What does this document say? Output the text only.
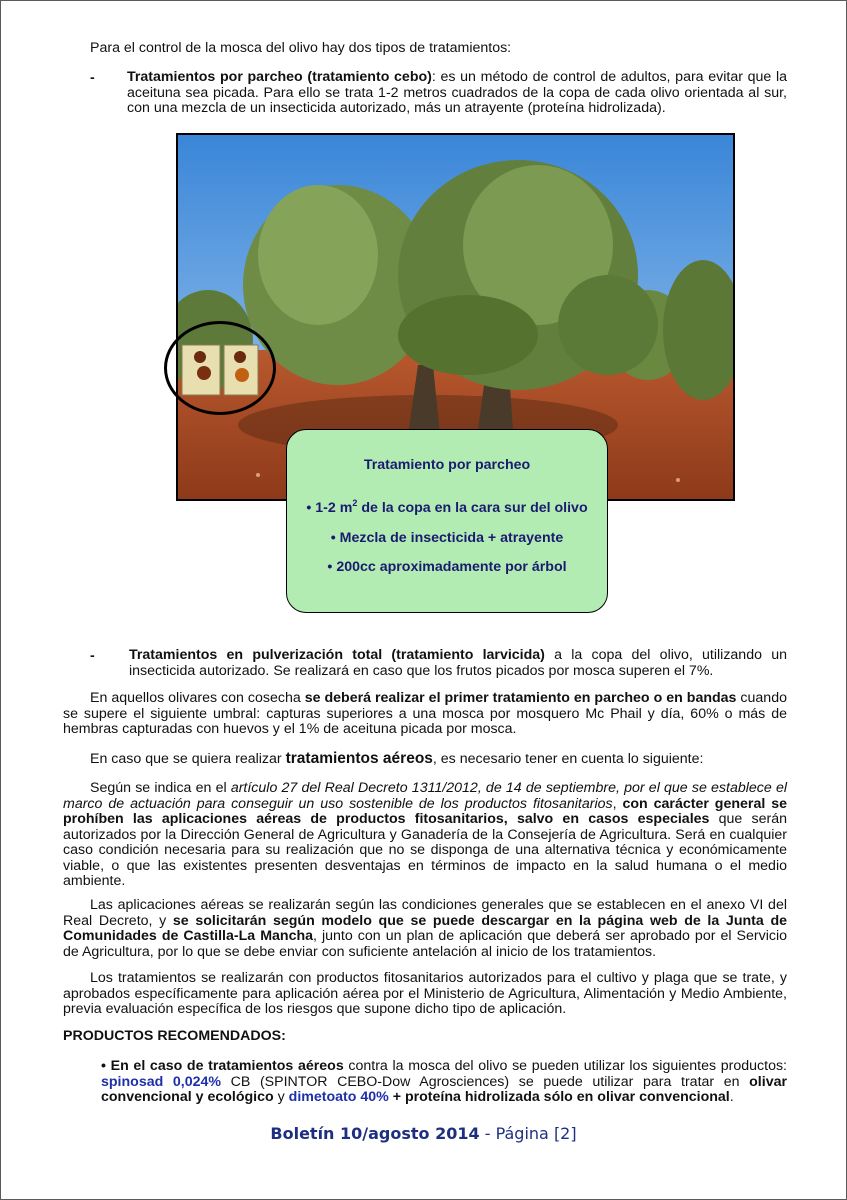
Para el control de la mosca del olivo hay dos tipos de tratamientos:
- Tratamientos por parcheo (tratamiento cebo): es un método de control de adultos, para evitar que la aceituna sea picada. Para ello se trata 1-2 metros cuadrados de la copa de cada olivo orientada al sur, con una mezcla de un insecticida autorizado, más un atrayente (proteína hidrolizada).
Tratamiento por parcheo
• 1-2 $m^2$ de la copa en la cara sur del olivo
• Mezcla de insecticida + atrayente
• 200cc aproximadamente por árbol
- Tratamientos en pulverización total (tratamiento larvicida) a la copa del olivo, utilizando un insecticida autorizado. Se realizará en caso que los frutos picados por mosca superen el 7%.
En aquellos olivares con cosecha se deberá realizar el primer tratamiento en parcheo o en bandas cuando se supere el siguiente umbral: capturas superiores a una mosca por mosquero Mc Phail y día, 60% o más de hembras capturadas con huevos y el 1% de aceituna picada por mosca.
En caso que se quiera realizar tratamientos aéreos, es necesario tener en cuenta lo siguiente:
Según se indica en el artículo 27 del Real Decreto 1311/2012, de 14 de septiembre, por el que se establece el marco de actuación para conseguir un uso sostenible de los productos fitosanitarios, con carácter general se prohíben las aplicaciones aéreas de productos fitosanitarios, salvo en casos especiales que serán autorizados por la Dirección General de Agricultura y Ganadería de la Consejería de Agricultura. Será en cualquier caso condición necesaria para su realización que no se disponga de una alternativa técnica y económicamente viable, o que las existentes presenten desventajas en términos de impacto en la salud humana o el medio ambiente.
Las aplicaciones aéreas se realizarán según las condiciones generales que se establecen en el anexo VI del Real Decreto, y se solicitarán según modelo que se puede descargar en la página web de la Junta de Comunidades de Castilla-La Mancha, junto con un plan de aplicación que deberá ser aprobado por el Servicio de Agricultura, por lo que se debe enviar con suficiente antelación al inicio de los tratamientos.
Los tratamientos se realizarán con productos fitosanitarios autorizados para el cultivo y plaga que se trate, y aprobados específicamente para aplicación aérea por el Ministerio de Agricultura, Alimentación y Medio Ambiente, previa evaluación específica de los riesgos que supone dicho tipo de aplicación.
PRODUCTOS RECOMENDADOS:
• En el caso de tratamientos aéreos contra la mosca del olivo se pueden utilizar los siguientes productos: spinosad 0,024% CB (SPINTOR CEBO-Dow Agrosciences) se puede utilizar para tratar en olivar convencional y ecológico y dimetoato 40% + proteína hidrolizada sólo en olivar convencional.
Boletín 10/agosto 2014 - Página [2]
